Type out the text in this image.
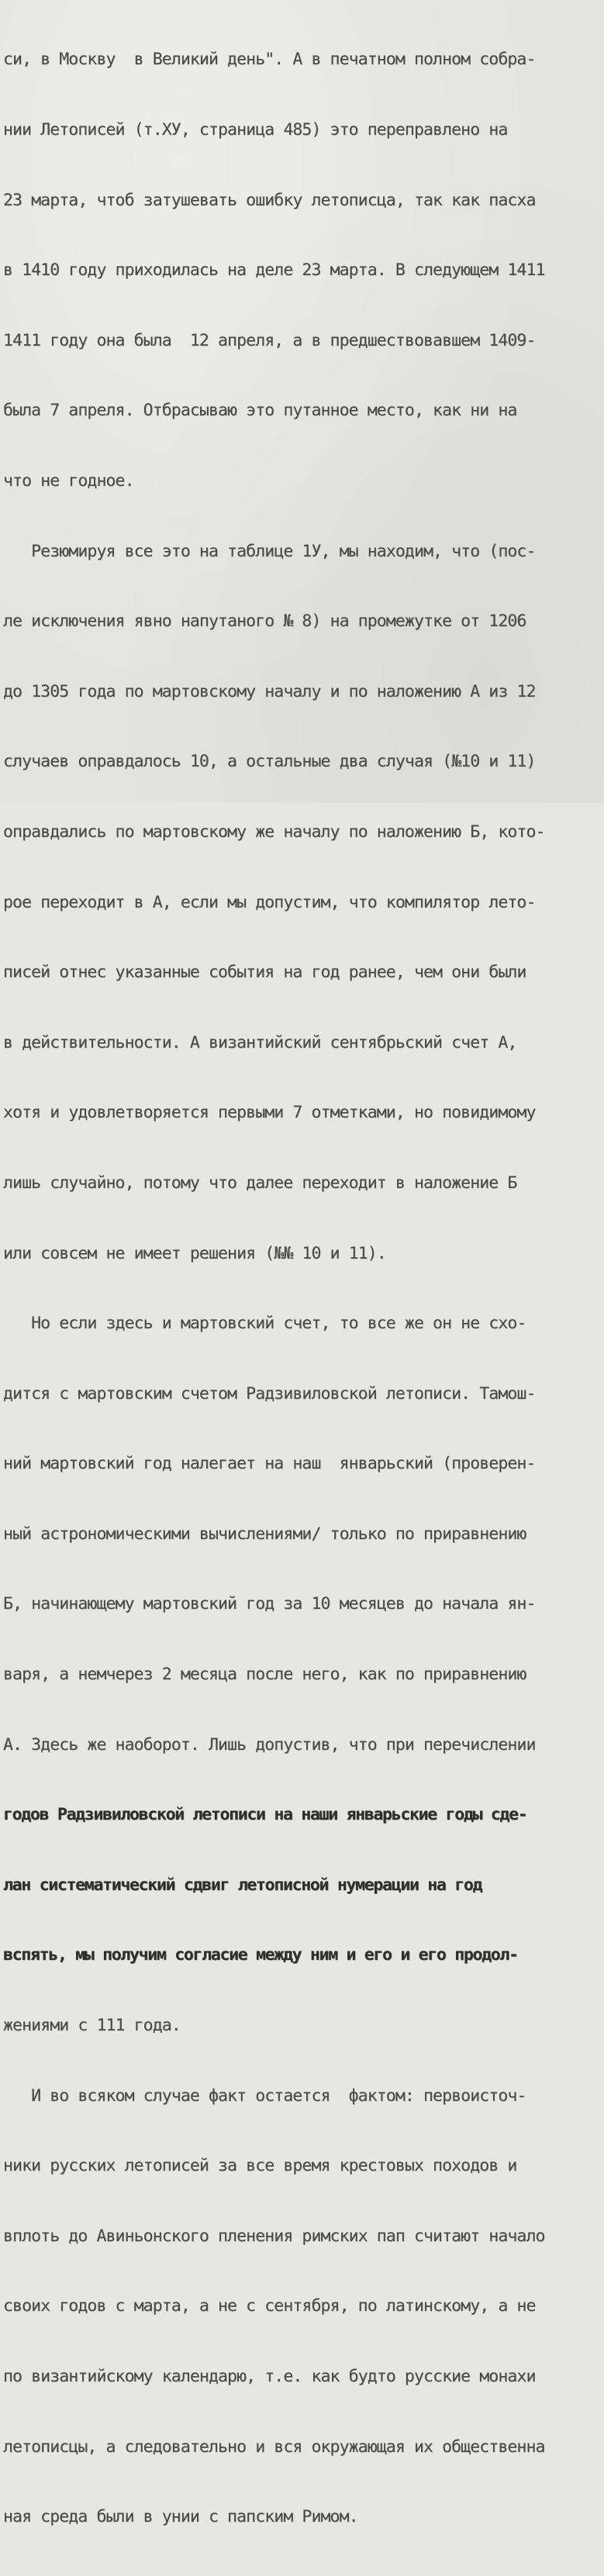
си, в Москву  в Великий день". А в печатном полном собра-

нии Летописей (т.ХУ, страница 485) это переправлено на

23 марта, чтоб затушевать ошибку летописца, так как пасха

в 1410 году приходилась на деле 23 марта. В следующем 1411

1411 году она была  12 апреля, а в предшествовавшем 1409-

была 7 апреля. Отбрасываю это путанное место, как ни на

что не годное.

Резюмируя все это на таблице 1У, мы находим, что (пос-

ле исключения явно напутаного № 8) на промежутке от 1206

до 1305 года по мартовскому началу и по наложению А из 12

случаев оправдалось 10, а остальные два случая (№10 и 11)

оправдались по мартовскому же началу по наложению Б, кото-

рое переходит в А, если мы допустим, что компилятор лето-

писей отнес указанные события на год ранее, чем они были

в действительности. А византийский сентябрьский счет А,

хотя и удовлетворяется первыми 7 отметками, но повидимому

лишь случайно, потому что далее переходит в наложение Б

или совсем не имеет решения (№№ 10 и 11).

Но если здесь и мартовский счет, то все же он не схо-

дится с мартовским счетом Радзивиловской летописи. Тамош-

ний мартовский год налегает на наш  январьский (проверен-

ный астрономическими вычислениями/ только по приравнению

Б, начинающему мартовский год за 10 месяцев до начала ян-

варя, а немчерез 2 месяца после него, как по приравнению

А. Здесь же наоборот. Лишь допустив, что при перечислении

годов Радзивиловской летописи на наши январьские годы сде-

лан систематический сдвиг летописной нумерации на год

вспять, мы получим согласие между ним и его и его продол-

жениями с 111 года.

И во всяком случае факт остается  фактом: первоисточ-

ники русских летописей за все время крестовых походов и

вплоть до Авиньонского пленения римских пап считают начало

своих годов с марта, а не с сентября, по латинскому, а не

по византийскому календарю, т.е. как будто русские монахи

летописцы, а следовательно и вся окружающая их общественна

ная среда были в унии с папским Римом.
